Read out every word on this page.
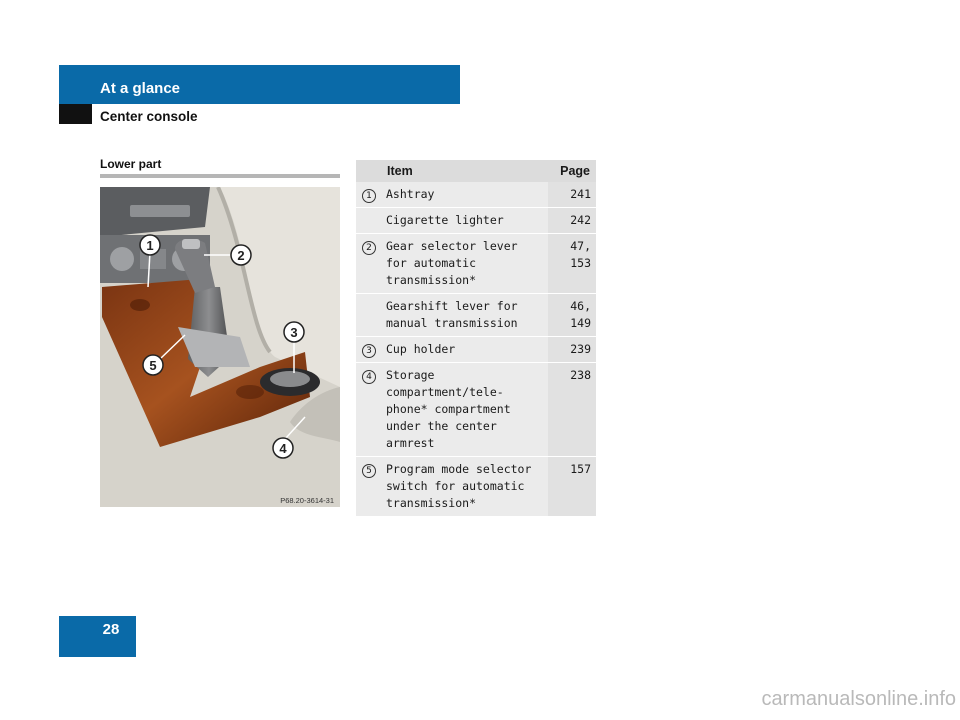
At a glance
Center console
Lower part
1
2
3
4
5
P68.20-3614-31
	Item	Page
1	Ashtray	241
	Cigarette lighter	242
2	Gear selector lever for automatic transmission*	47, 153
	Gearshift lever for manual transmission	46, 149
3	Cup holder	239
4	Storage compartment/tele-phone* compartment under the center armrest	238
5	Program mode selector switch for automatic transmission*	157
28
carmanualsonline.info
